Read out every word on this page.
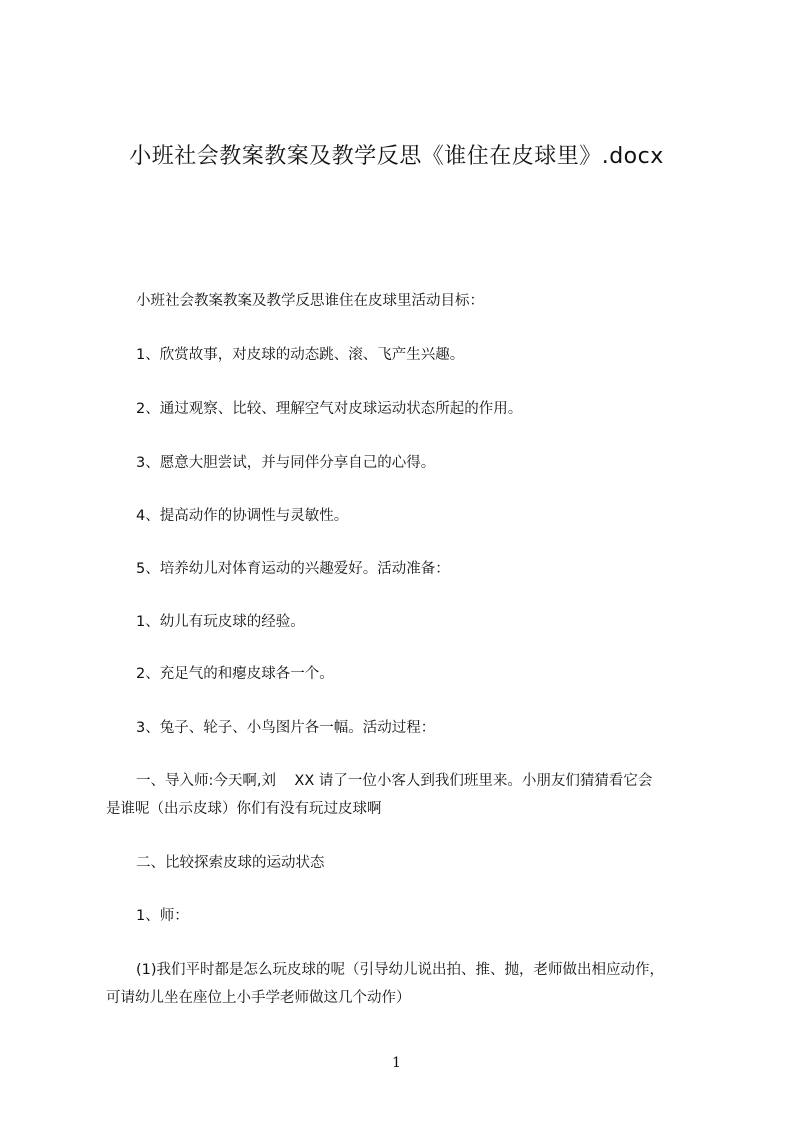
小班社会教案教案及教学反思《谁住在皮球里》.docx
小班社会教案教案及教学反思谁住在皮球里活动目标：
1、欣赏故事，对皮球的动态跳、滚、飞产生兴趣。
2、通过观察、比较、理解空气对皮球运动状态所起的作用。
3、愿意大胆尝试，并与同伴分享自己的心得。
4、提高动作的协调性与灵敏性。
5、培养幼儿对体育运动的兴趣爱好。活动准备：
1、幼儿有玩皮球的经验。
2、充足气的和瘪皮球各一个。
3、兔子、轮子、小鸟图片各一幅。活动过程：
一、导入师:今天啊,刘    XX 请了一位小客人到我们班里来。小朋友们猜猜看它会
是谁呢（出示皮球）你们有没有玩过皮球啊
二、比较探索皮球的运动状态
1、师：
(1)我们平时都是怎么玩皮球的呢（引导幼儿说出拍、推、抛，老师做出相应动作，
可请幼儿坐在座位上小手学老师做这几个动作）
1
